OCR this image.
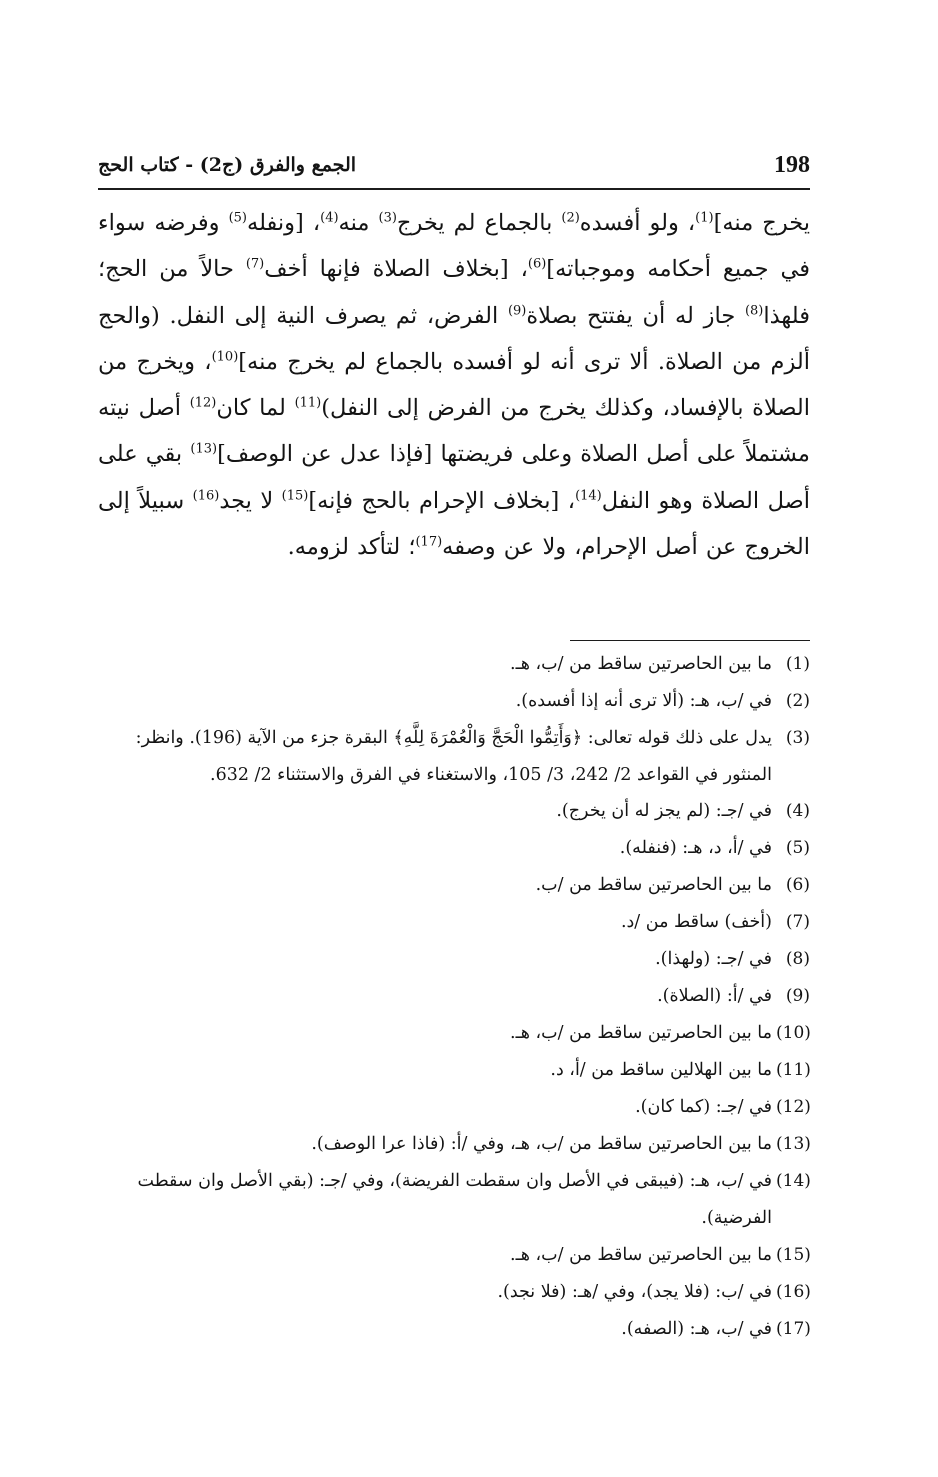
198
الجمع والفرق (ج2) - كتاب الحج
يخرج منه]$^{(1)}$، ولو أفسده$^{(2)}$ بالجماع لم يخرج$^{(3)}$ منه$^{(4)}$، [ونفله$^{(5)}$ وفرضه سواء في جميع أحكامه وموجباته]$^{(6)}$، [بخلاف الصلاة فإنها أخف$^{(7)}$ حالاً من الحج؛ فلهذا$^{(8)}$ جاز له أن يفتتح بصلاة$^{(9)}$ الفرض، ثم يصرف النية إلى النفل. (والحج ألزم من الصلاة. ألا ترى أنه لو أفسده بالجماع لم يخرج منه]$^{(10)}$، ويخرج من الصلاة بالإفساد، وكذلك يخرج من الفرض إلى النفل)$^{(11)}$ لما كان$^{(12)}$ أصل نيته مشتملاً على أصل الصلاة وعلى فريضتها [فإذا عدل عن الوصف]$^{(13)}$ بقي على أصل الصلاة وهو النفل$^{(14)}$، [بخلاف الإحرام بالحج فإنه]$^{(15)}$ لا يجد$^{(16)}$ سبيلاً إلى الخروج عن أصل الإحرام، ولا عن وصفه$^{(17)}$؛ لتأكد لزومه.
(1)
ما بين الحاصرتين ساقط من /ب، هـ.
(2)
في /ب، هـ: (ألا ترى أنه إذا أفسده).
(3)
يدل على ذلك قوله تعالى: ﴿وَأَتِمُّوا الْحَجَّ وَالْعُمْرَةَ لِلَّهِ﴾ البقرة جزء من الآية (196). وانظر: المنثور في القواعد 2/ 242، 3/ 105، والاستغناء في الفرق والاستثناء 2/ 632.
(4)
في /جـ: (لم يجز له أن يخرج).
(5)
في /أ، د، هـ: (فنفله).
(6)
ما بين الحاصرتين ساقط من /ب.
(7)
(أخف) ساقط من /د.
(8)
في /جـ: (ولهذا).
(9)
في /أ: (الصلاة).
(10)
ما بين الحاصرتين ساقط من /ب، هـ.
(11)
ما بين الهلالين ساقط من /أ، د.
(12)
في /جـ: (كما كان).
(13)
ما بين الحاصرتين ساقط من /ب، هـ، وفي /أ: (فاذا عرا الوصف).
(14)
في /ب، هـ: (فيبقى في الأصل وان سقطت الفريضة)، وفي /جـ: (بقي الأصل وان سقطت الفرضية).
(15)
ما بين الحاصرتين ساقط من /ب، هـ.
(16)
في /ب: (فلا يجد)، وفي /هـ: (فلا نجد).
(17)
في /ب، هـ: (الصفه).
